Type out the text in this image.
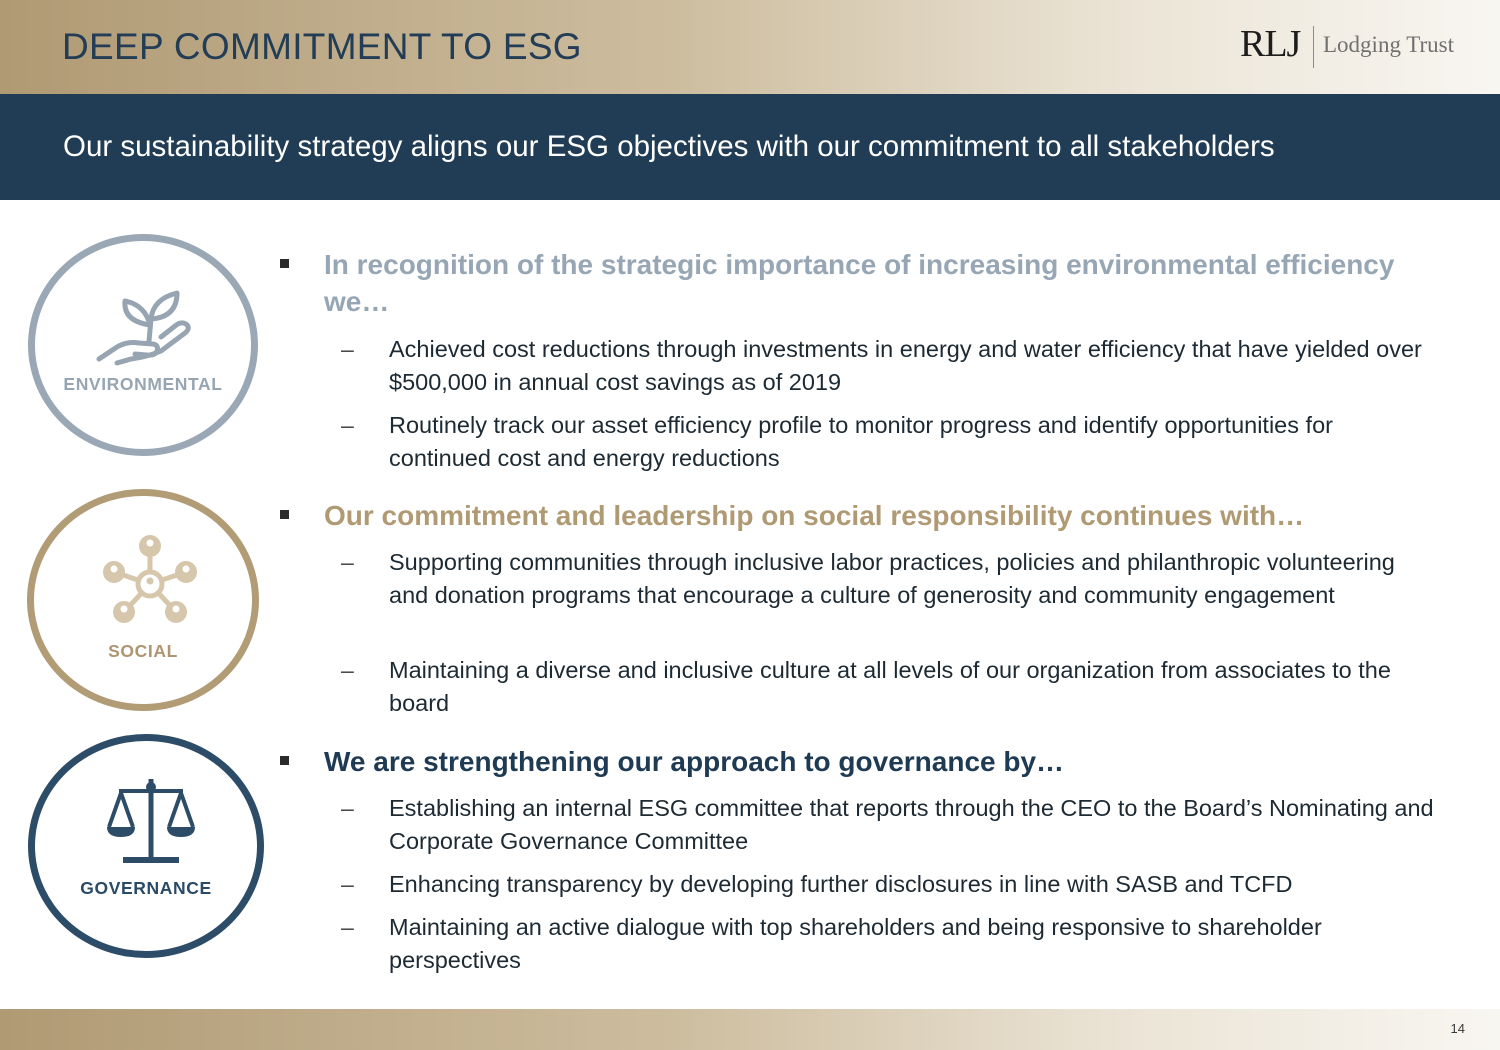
DEEP COMMITMENT TO ESG	RLJ Lodging Trust
Our sustainability strategy aligns our ESG objectives with our commitment to all stakeholders
ENVIRONMENTAL
SOCIAL
GOVERNANCE
In recognition of the strategic importance of increasing environmental efficiency we…
– Achieved cost reductions through investments in energy and water efficiency that have yielded over $500,000 in annual cost savings as of 2019
– Routinely track our asset efficiency profile to monitor progress and identify opportunities for continued cost and energy reductions
Our commitment and leadership on social responsibility continues with…
– Supporting communities through inclusive labor practices, policies and philanthropic volunteering and donation programs that encourage a culture of generosity and community engagement
– Maintaining a diverse and inclusive culture at all levels of our organization from associates to the board
We are strengthening our approach to governance by…
– Establishing an internal ESG committee that reports through the CEO to the Board’s Nominating and Corporate Governance Committee
– Enhancing transparency by developing further disclosures in line with SASB and TCFD
– Maintaining an active dialogue with top shareholders and being responsive to shareholder perspectives
14
